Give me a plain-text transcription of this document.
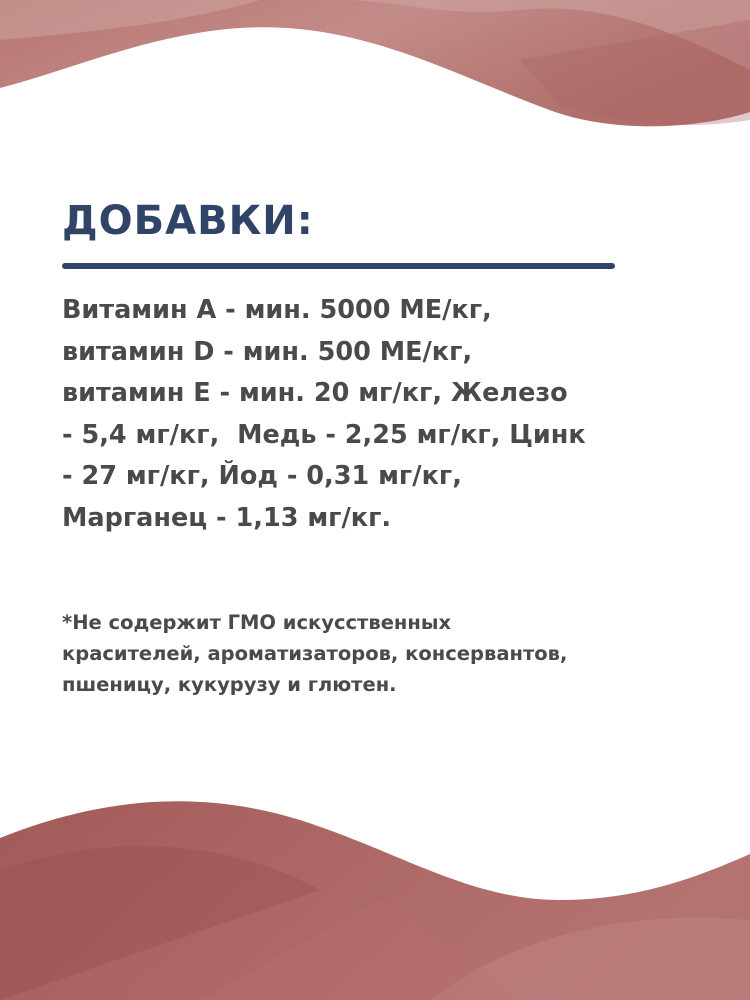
ДОБАВКИ:

Витамин А - мин. 5000 МЕ/кг,
витамин D - мин. 500 МЕ/кг,
витамин Е - мин. 20 мг/кг, Железо
- 5,4 мг/кг,  Медь - 2,25 мг/кг, Цинк
- 27 мг/кг, Йод - 0,31 мг/кг,
Марганец - 1,13 мг/кг.

*Не содержит ГМО искусственных
красителей, ароматизаторов, консервантов,
пшеницу, кукурузу и глютен.
